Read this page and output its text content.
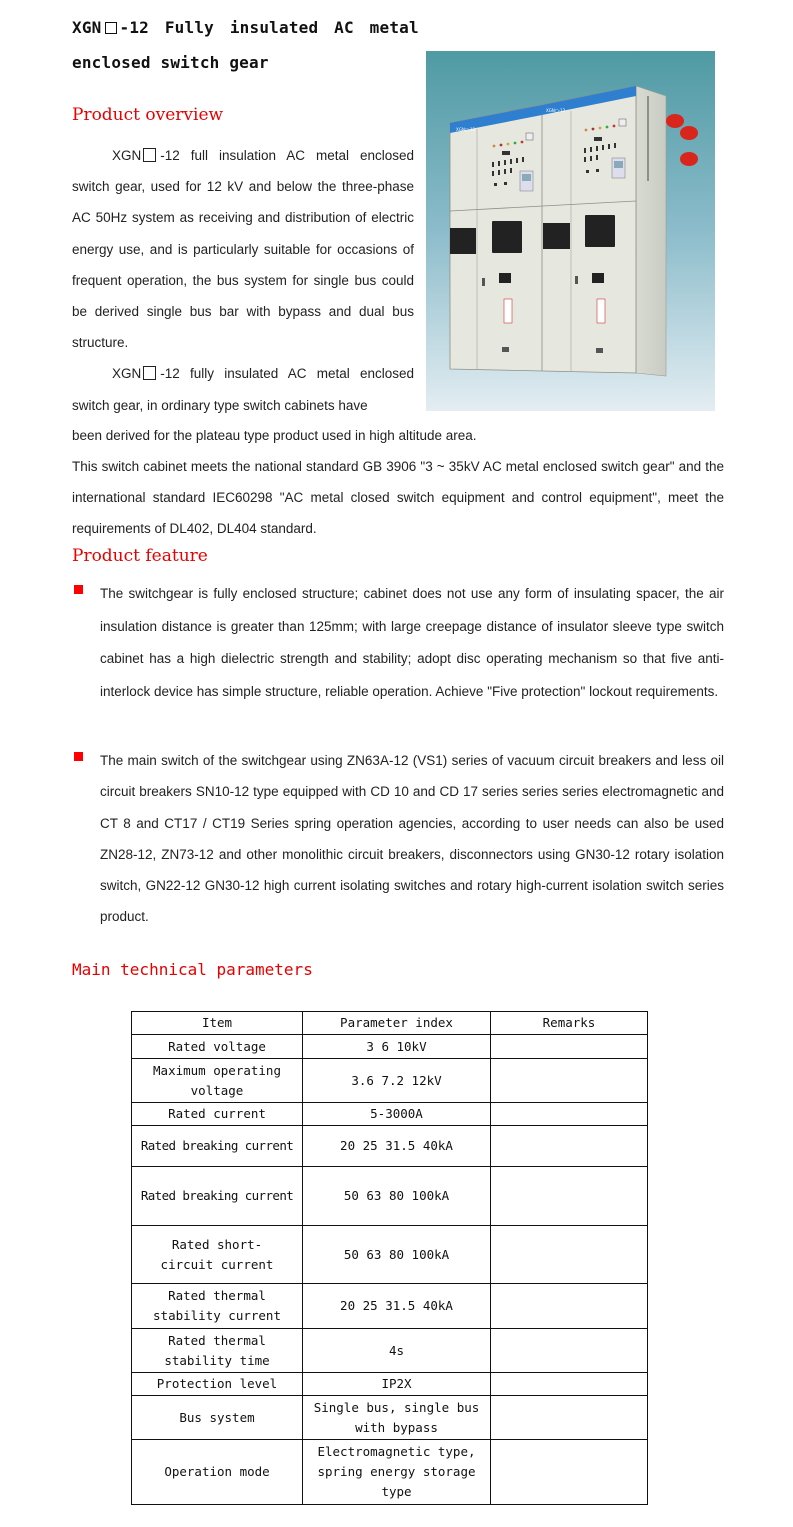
XGN -12 Fully insulated AC metal
enclosed switch gear
Product overview

XGN -12 full insulation AC metal enclosed switch gear, used for 12 kV and below the three-phase AC 50Hz system as receiving and distribution of electric energy use, and is particularly suitable for occasions of frequent operation, the bus system for single bus could be derived single bus bar with bypass and dual bus structure.

XGN -12 fully insulated AC metal enclosed switch gear, in ordinary type switch cabinets have

been derived for the plateau type product used in high altitude area.

This switch cabinet meets the national standard GB 3906 "3 ~ 35kV AC metal enclosed switch gear" and the international standard IEC60298 "AC metal closed switch equipment and control equipment", meet the requirements of DL402, DL404 standard.

XGN□-12
XGN□-12
Product feature
The switchgear is fully enclosed structure; cabinet does not use any form of insulating spacer, the air insulation distance is greater than 125mm; with large creepage distance of insulator sleeve type switch cabinet has a high dielectric strength and stability; adopt disc operating mechanism so that five anti-interlock device has simple structure, reliable operation. Achieve "Five protection" lockout requirements.
The main switch of the switchgear using ZN63A-12 (VS1) series of vacuum circuit breakers and less oil circuit breakers SN10-12 type equipped with CD 10 and CD 17 series series series electromagnetic and CT 8 and CT17 / CT19 Series spring operation agencies, according to user needs can also be used ZN28-12, ZN73-12 and other monolithic circuit breakers, disconnectors using GN30-12 rotary isolation switch, GN22-12 GN30-12 high current isolating switches and rotary high-current isolation switch series product.
Main technical parameters
Item	Parameter index	Remarks
Rated voltage	3 6 10kV	
Maximum operating voltage	3.6 7.2 12kV	
Rated current	5-3000A	
Rated breaking current	20 25 31.5 40kA	
Rated breaking current	50 63 80 100kA	
Rated short-circuit current	50 63 80 100kA	
Rated thermal stability current	20 25 31.5 40kA	
Rated thermal stability time	4s	
Protection level	IP2X	
Bus system	Single bus, single bus with bypass	
Operation mode	Electromagnetic type, spring energy storage type	
